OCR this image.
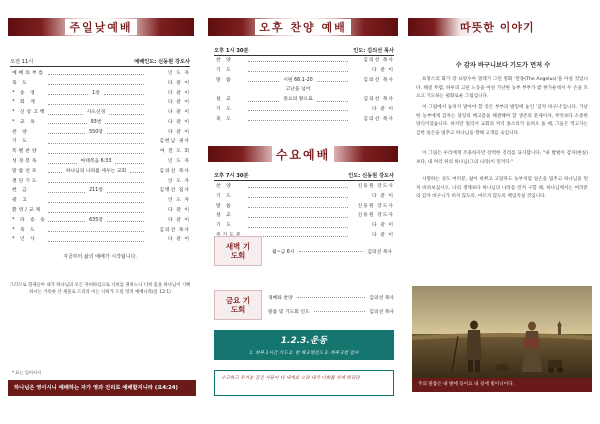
주일낮예배
오전 11시	예배인도: 신동원 강도사
예배의부름	인 도 자
묵 도	다 같 이
* 송 영	1장	다 같 이
* 회 개	다 같 이
* 신앙고백	사도신경	다 같 이
* 교 독	93번	다 같 이
찬 양	550장	다 같 이
기 도	김현남 권사
특별찬양	여 전 도 회
성경봉독	마태복음 6:33	인 도 자
말씀선포	하나님의 나라를 세우는 교회	김의선 목사
결단기도	인 도 자
헌 금	211장	김명선 집사
광 고	인 도 자
환영/교제	다 같 이
* 파 송 송	635장	다 같 이
* 축 도	김의선 목사
* 인 사	다 같 이
지금부터 삶의 예배가 시작됩니다.
그러므로 형제들아 내가 하나님의 모든 자비하심으로 너희를 권하노니 너희 몸을 하나님이 기뻐하시는 거룩한 산 제물로 드리라 이는 너희가 드릴 영적 예배니라(롬 12:1)
* 표는 일어서서
하나님은 영이시니 예배하는 자가 영과 진리로 예배할지니라 (요4:24)
오후 찬양 예배
오후 1시 30분	인도: 김의선 목사
찬 양	김의선 목사
기 도	다 같 이
말 씀	시편 66:1-20	김의선 목사
고난을 넘어
설 교	풍요의 땅으로	김의선 목사
기 도	다 같 이
축 도	김의선 목사
수요예배
오후 7시 30분	인도: 신동원 강도사
찬 양	신동원 강도사
기 도	다 같 이
말 씀	신동원 강도사
설 교	신동원 강도사
기 도	다 같 이
다 같 이
새벽 기도회	월~금 6시	김의선 목사
금요 기도회
경배와 찬양	김의선 목사
말씀 및 기도회 인도	김의선 목사
1.2.3.운동
1. 하루 1시간 기도 2. 한 해 2명전도 3. 하루 3번 감사
수고하고 무거운 짐진 자들아 다 내게로 오라 내가 너희를 쉬게 하리라
따뜻한 이야기
수 감자 바구니보다 기도가 먼저 수
프랑스의 화가 장 프랑수아 밀레가 그린 명화 '만종(The Angelus)'을 아실 것입니다. 해질 무렵, 하루의 고된 노동을 마친 가난한 농부 부부가 밭 한가운데서 두 손을 모으고 기도하는 평화로운 그림입니다.
이 그림에서 놓치지 말아야 할 것은 부부의 발밑에 놓인 '감자 바구니'입니다. 가난한 농부에게 감자는 당장의 배고픔을 해결해야 할 생존의 문제이자, 무엇보다 소중한 양식이었습니다. 하지만 멀리서 교회의 저녁 종소리가 들려오 올 때, 그들은 먹고사는 급한 일손을 멈추고 하나님을 향해 고개를 숙입니다.
이 그림은 우리에게 조용하지만 강력한 진리를 묘사합니다. "내 밥벌이 감자(현실)보다, 내 머리 위의 하나님(그의 나라)이 먼저다."
사명하는 성도 여러분, 삶이 바쁘고 고달파도 농부처럼 일손을 멈추고 하나님을 먼저 바라보십시오. 나의 생계보다 하나님의 나라를 먼저 구할 때, 하나님께서는 여러분의 감자 바구니가 비지 않도록, 마르지 않도록 책임지실 것입니다.
주의 말씀은 내 발에 등이요 내 길에 빛이니이다.
